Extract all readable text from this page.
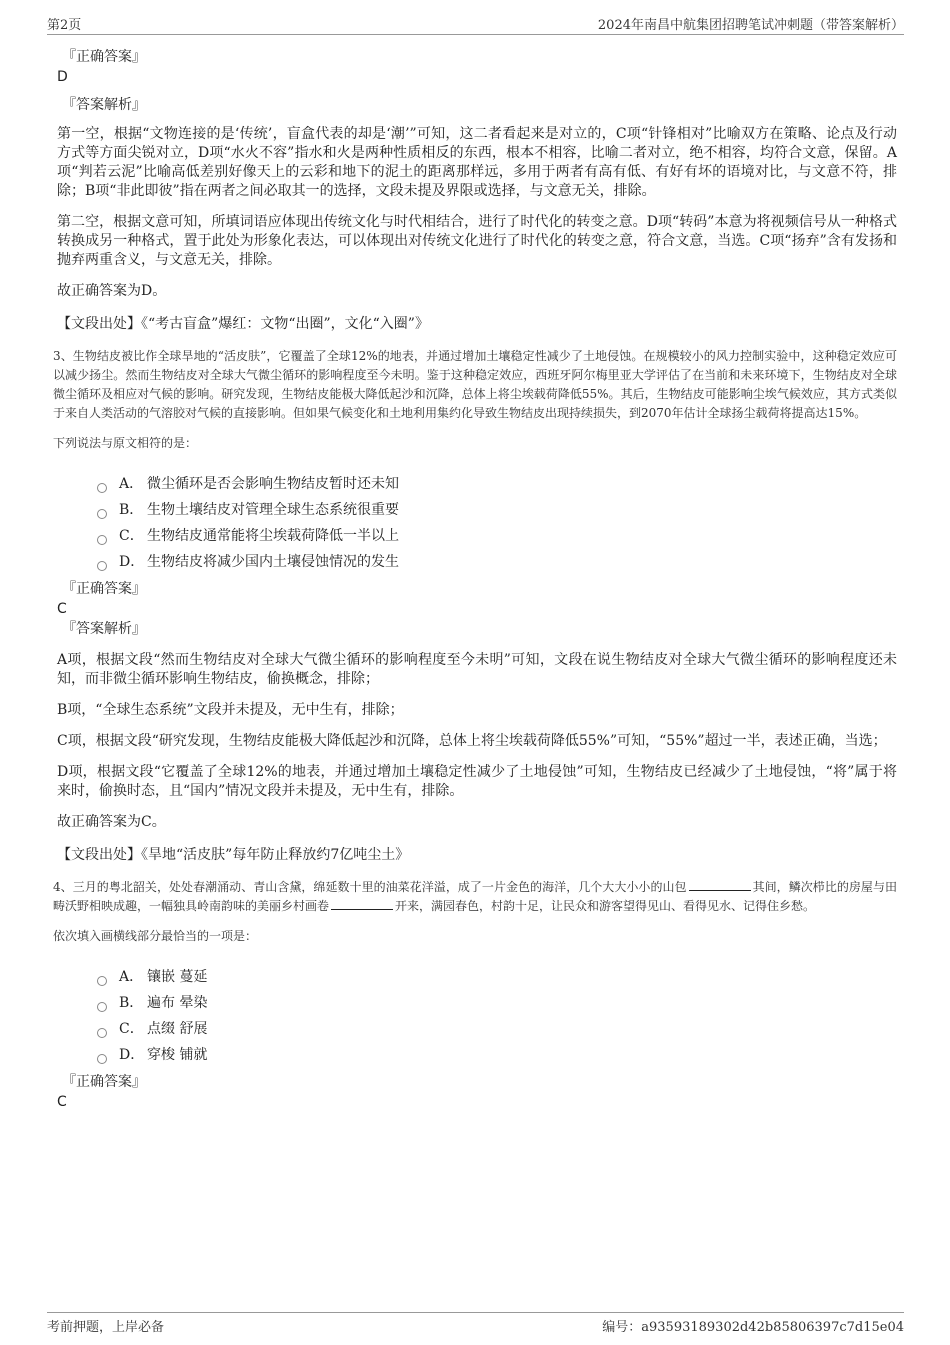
第2页	2024年南昌中航集团招聘笔试冲刺题（带答案解析）
『正确答案』
D
『答案解析』

第一空，根据“文物连接的是‘传统’，盲盒代表的却是‘潮’”可知，这二者看起来是对立的，C项“针锋相对”比喻双方在策略、论点及行动方式等方面尖锐对立，D项“水火不容”指水和火是两种性质相反的东西，根本不相容，比喻二者对立，绝不相容，均符合文意，保留。A项“判若云泥”比喻高低差别好像天上的云彩和地下的泥土的距离那样远，多用于两者有高有低、有好有坏的语境对比，与文意不符，排除；B项“非此即彼”指在两者之间必取其一的选择，文段未提及界限或选择，与文意无关，排除。

第二空，根据文意可知，所填词语应体现出传统文化与时代相结合，进行了时代化的转变之意。D项“转码”本意为将视频信号从一种格式转换成另一种格式，置于此处为形象化表达，可以体现出对传统文化进行了时代化的转变之意，符合文意，当选。C项“扬弃”含有发扬和抛弃两重含义，与文意无关，排除。

故正确答案为D。

【文段出处】《“考古盲盒”爆红：文物“出圈”，文化“入圈”》

3、生物结皮被比作全球旱地的“活皮肤”，它覆盖了全球12%的地表，并通过增加土壤稳定性减少了土地侵蚀。在规模较小的风力控制实验中，这种稳定效应可以减少扬尘。然而生物结皮对全球大气微尘循环的影响程度至今未明。鉴于这种稳定效应，西班牙阿尔梅里亚大学评估了在当前和未来环境下，生物结皮对全球微尘循环及相应对气候的影响。研究发现，生物结皮能极大降低起沙和沉降，总体上将尘埃载荷降低55%。其后，生物结皮可能影响尘埃气候效应，其方式类似于来自人类活动的气溶胶对气候的直接影响。但如果气候变化和土地利用集约化导致生物结皮出现持续损失，到2070年估计全球扬尘载荷将提高达15%。

下列说法与原文相符的是：

A． 微尘循环是否会影响生物结皮暂时还未知
B． 生物土壤结皮对管理全球生态系统很重要
C． 生物结皮通常能将尘埃载荷降低一半以上
D． 生物结皮将减少国内土壤侵蚀情况的发生
『正确答案』
C
『答案解析』

A项，根据文段“然而生物结皮对全球大气微尘循环的影响程度至今未明”可知，文段在说生物结皮对全球大气微尘循环的影响程度还未知，而非微尘循环影响生物结皮，偷换概念，排除；

B项，“全球生态系统”文段并未提及，无中生有，排除；

C项，根据文段“研究发现，生物结皮能极大降低起沙和沉降，总体上将尘埃载荷降低55%”可知，“55%”超过一半，表述正确，当选；

D项，根据文段“它覆盖了全球12%的地表，并通过增加土壤稳定性减少了土地侵蚀”可知，生物结皮已经减少了土地侵蚀，“将”属于将来时，偷换时态，且“国内”情况文段并未提及，无中生有，排除。

故正确答案为C。

【文段出处】《旱地“活皮肤”每年防止释放约7亿吨尘土》

4、三月的粤北韶关，处处春潮涌动、青山含黛，绵延数十里的油菜花洋溢，成了一片金色的海洋，几个大大小小的山包	其间，鳞次栉比的房屋与田畴沃野相映成趣，一幅独具岭南韵味的美丽乡村画卷	开来，满园春色，村韵十足，让民众和游客望得见山、看得见水、记得住乡愁。

依次填入画横线部分最恰当的一项是：

A． 镶嵌 蔓延
B． 遍布 晕染
C． 点缀 舒展
D． 穿梭 铺就
『正确答案』
C
考前押题，上岸必备	编号：a93593189302d42b85806397c7d15e04
